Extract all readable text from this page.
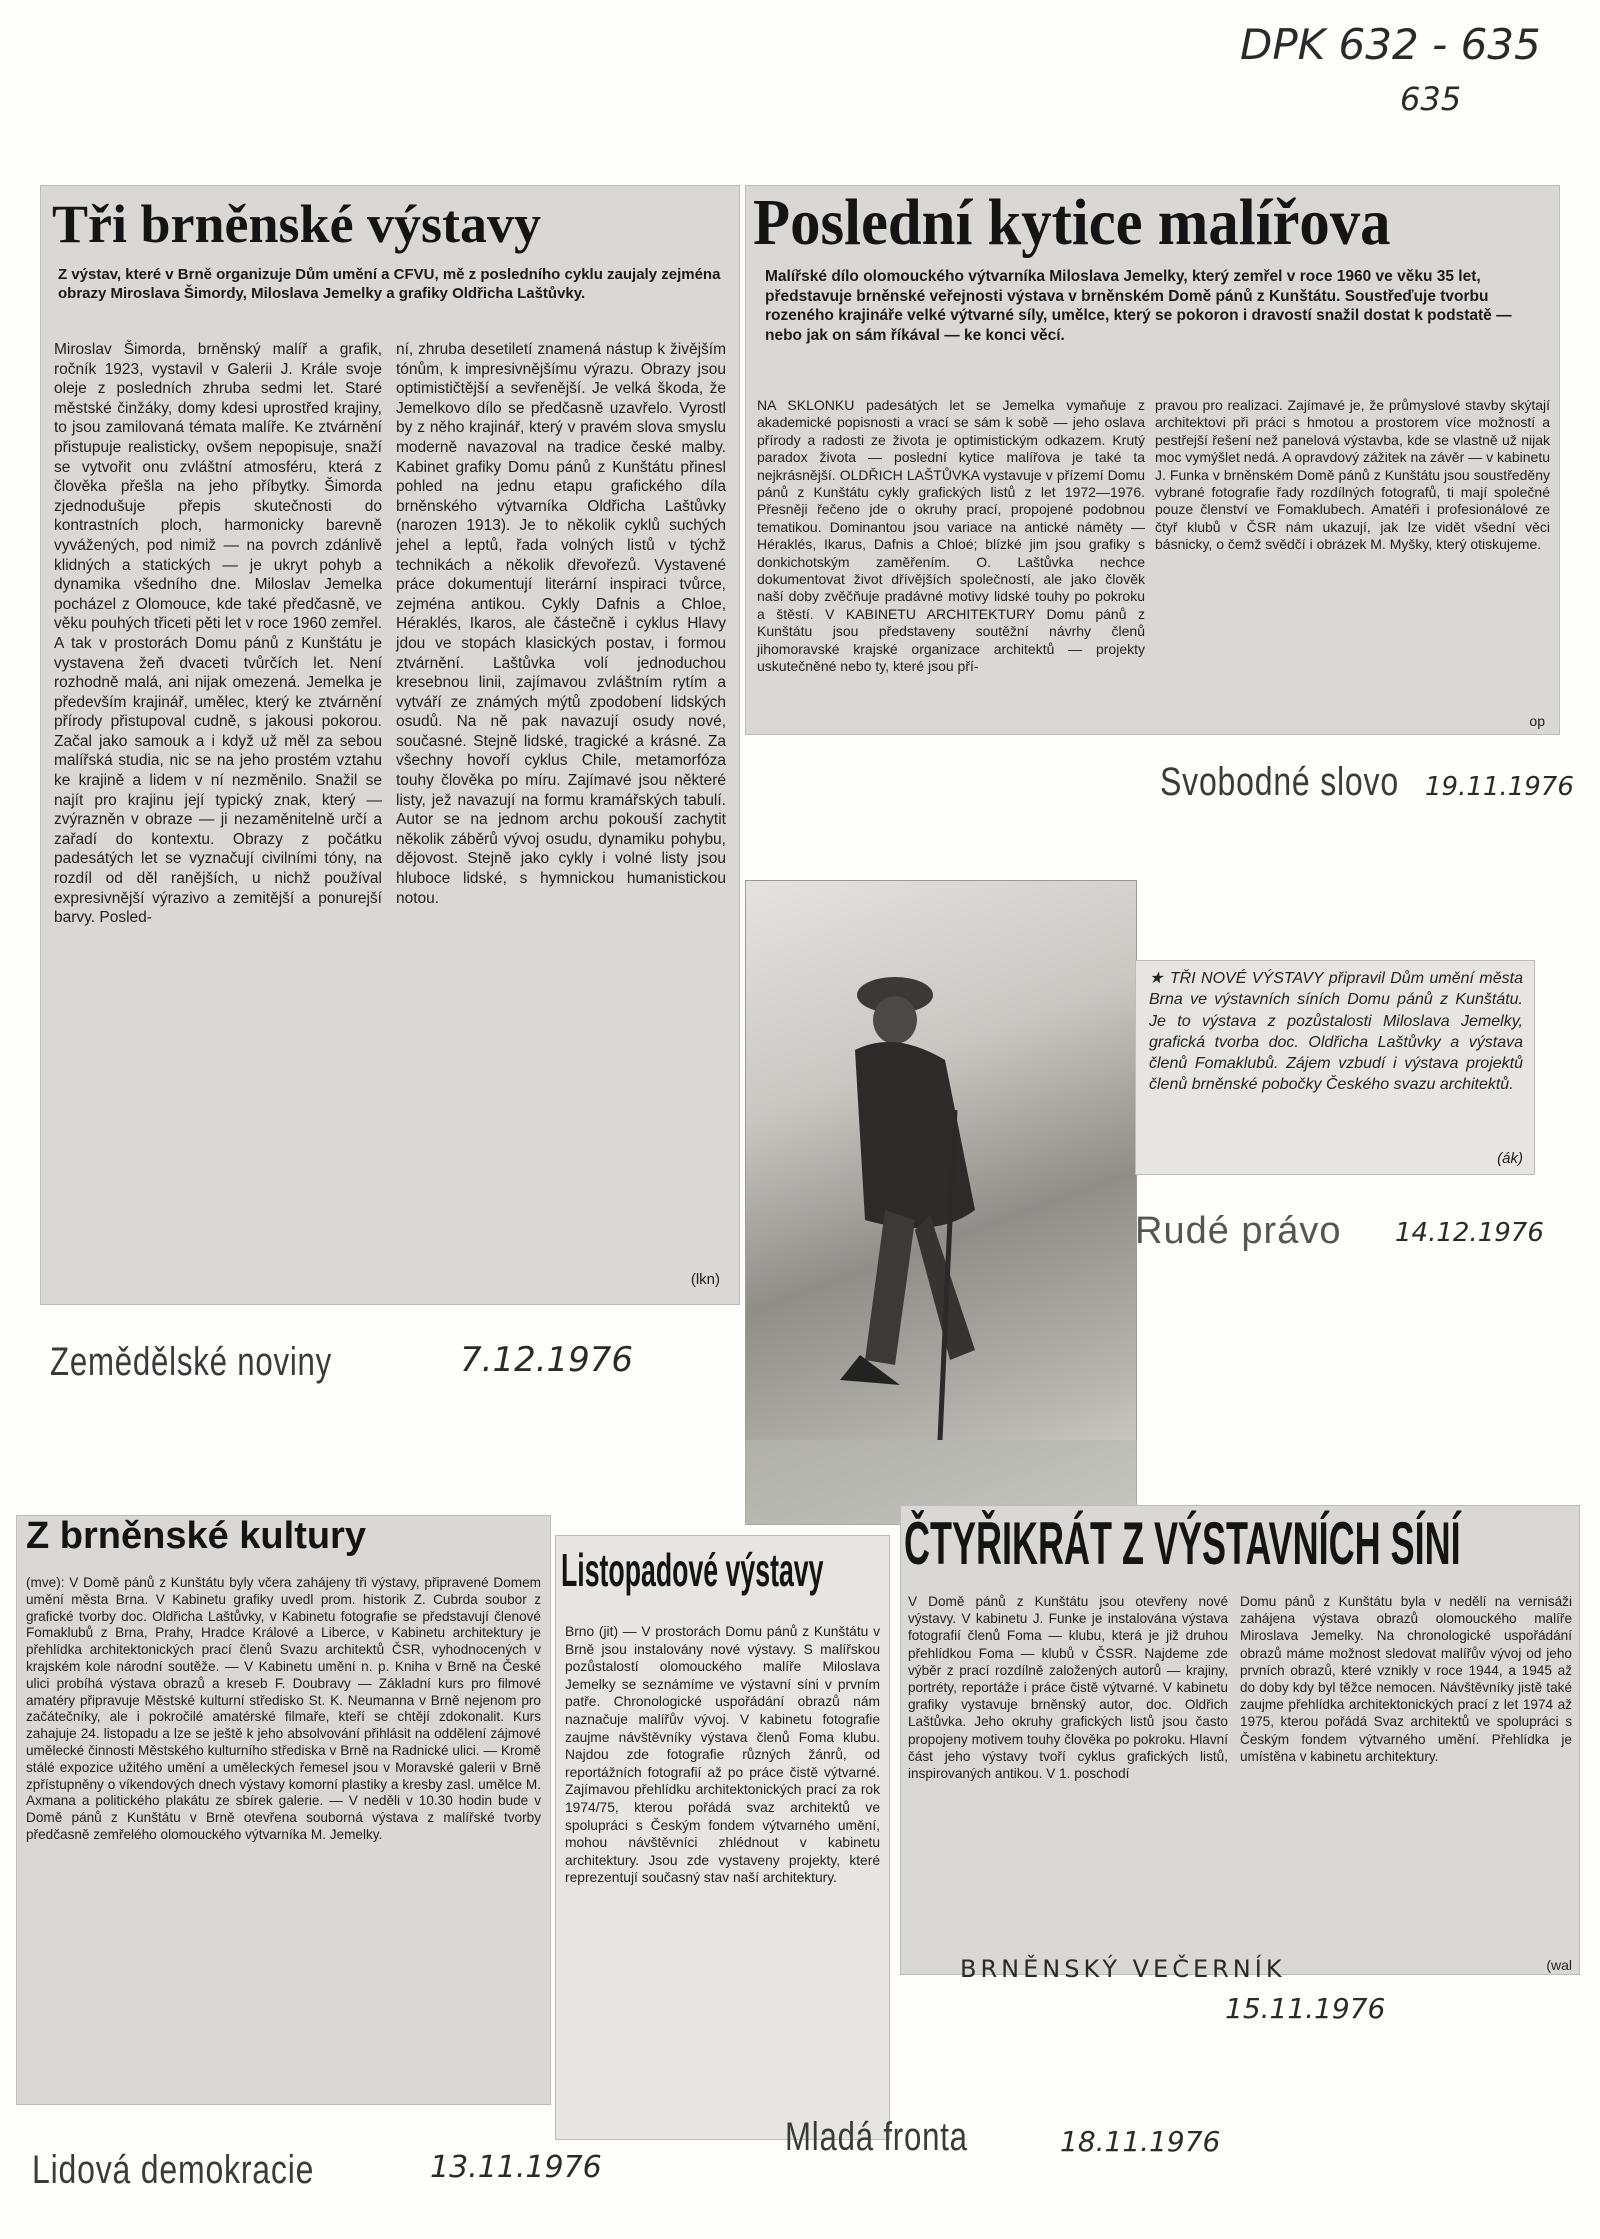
DPK 632 - 635
635
Tři brněnské výstavy
Z výstav, které v Brně organizuje Dům umění a CFVU, mě z posledního cyklu zaujaly zejména obrazy Miroslava Šimordy, Miloslava Jemelky a grafiky Oldřicha Laštůvky.
Miroslav Šimorda, brněnský malíř a grafik, ročník 1923, vystavil v Galerii J. Krále svoje oleje z posledních zhruba sedmi let. Staré městské činžáky, domy kdesi uprostřed krajiny, to jsou zamilovaná témata malíře. Ke ztvárnění přistupuje realisticky, ovšem nepopisuje, snaží se vytvořit onu zvláštní atmosféru, která z člověka přešla na jeho příbytky. Šimorda zjednodušuje přepis skutečnosti do kontrastních ploch, harmonicky barevně vyvážených, pod nimiž — na povrch zdánlivě klidných a statických — je ukryt pohyb a dynamika všedního dne. Miloslav Jemelka pocházel z Olomouce, kde také předčasně, ve věku pouhých třiceti pěti let v roce 1960 zemřel. A tak v prostorách Domu pánů z Kunštátu je vystavena žeň dvaceti tvůrčích let. Není rozhodně malá, ani nijak omezená. Jemelka je především krajinář, umělec, který ke ztvárnění přírody přistupoval cudně, s jakousi pokorou. Začal jako samouk a i když už měl za sebou malířská studia, nic se na jeho prostém vztahu ke krajině a lidem v ní nezměnilo. Snažil se najít pro krajinu její typický znak, který — zvýrazněn v obraze — ji nezaměnitelně určí a zařadí do kontextu. Obrazy z počátku padesátých let se vyznačují civilními tóny, na rozdíl od děl ranějších, u nichž používal expresivnější výrazivo a zemitější a ponurejší barvy. Posled-
ní, zhruba desetiletí znamená nástup k živějším tónům, k impresivnějšímu výrazu. Obrazy jsou optimističtější a sevřenější. Je velká škoda, že Jemelkovo dílo se předčasně uzavřelo. Vyrostl by z něho krajinář, který v pravém slova smyslu moderně navazoval na tradice české malby. Kabinet grafiky Domu pánů z Kunštátu přinesl pohled na jednu etapu grafického díla brněnského výtvarníka Oldřicha Laštůvky (narozen 1913). Je to několik cyklů suchých jehel a leptů, řada volných listů v týchž technikách a několik dřevořezů. Vystavené práce dokumentují literární inspiraci tvůrce, zejména antikou. Cykly Dafnis a Chloe, Héraklés, Ikaros, ale částečně i cyklus Hlavy jdou ve stopách klasických postav, i formou ztvárnění. Laštůvka volí jednoduchou kresebnou linii, zajímavou zvláštním rytím a vytváří ze známých mýtů zpodobení lidských osudů. Na ně pak navazují osudy nové, současné. Stejně lidské, tragické a krásné. Za všechny hovoří cyklus Chile, metamorfóza touhy člověka po míru. Zajímavé jsou některé listy, jež navazují na formu kramářských tabulí. Autor se na jednom archu pokouší zachytit několik záběrů vývoj osudu, dynamiku pohybu, dějovost. Stejně jako cykly i volné listy jsou hluboce lidské, s hymnickou humanistickou notou.
(lkn)
Zemědělské noviny	7.12.1976
Poslední kytice malířova
Malířské dílo olomouckého výtvarníka Miloslava Jemelky, který zemřel v roce 1960 ve věku 35 let, představuje brněnské veřejnosti výstava v brněnském Domě pánů z Kunštátu. Soustřeďuje tvorbu rozeného krajináře velké výtvarné síly, umělce, který se pokoron i dravostí snažil dostat k podstatě — nebo jak on sám říkával — ke konci věcí.
NA SKLONKU padesátých let se Jemelka vymaňuje z akademické popisnosti a vrací se sám k sobě — jeho oslava přírody a radosti ze života je optimistickým odkazem. Krutý paradox života — poslední kytice malířova je také ta nejkrásnější. OLDŘICH LAŠTŮVKA vystavuje v přízemí Domu pánů z Kunštátu cykly grafických listů z let 1972—1976. Přesněji řečeno jde o okruhy prací, propojené podobnou tematikou. Dominantou jsou variace na antické náměty — Héraklés, Ikarus, Dafnis a Chloé; blízké jim jsou grafiky s donkichotským zaměřením. O. Laštůvka nechce dokumentovat život dřívějších společností, ale jako člověk naší doby zvěčňuje pradávné motivy lidské touhy po pokroku a štěstí. V KABINETU ARCHITEKTURY Domu pánů z Kunštátu jsou představeny soutěžní návrhy členů jihomoravské krajské organizace architektů — projekty uskutečněné nebo ty, které jsou pří-
pravou pro realizaci. Zajímavé je, že průmyslové stavby skýtají architektovi při práci s hmotou a prostorem více možností a pestřejší řešení než panelová výstavba, kde se vlastně už nijak moc vymýšlet nedá. A opravdový zážitek na závěr — v kabinetu J. Funka v brněnském Domě pánů z Kunštátu jsou soustředěny vybrané fotografie řady rozdílných fotografů, ti mají společné pouze členství ve Fomaklubech. Amatéři i profesionálové ze čtyř klubů v ČSR nám ukazují, jak lze vidět všední věci básnicky, o čemž svědčí i obrázek M. Myšky, který otiskujeme.
op
Svobodné slovo 19.11.1976
★ TŘI NOVÉ VÝSTAVY připravil Dům umění města Brna ve výstavních síních Domu pánů z Kunštátu. Je to výstava z pozůstalosti Miloslava Jemelky, grafická tvorba doc. Oldřicha Laštůvky a výstava členů Fomaklubů. Zájem vzbudí i výstava projektů členů brněnské pobočky Českého svazu architektů.
(ák)
Rudé právo 14.12.1976
Z brněnské kultury
(mve): V Domě pánů z Kunštátu byly včera zahájeny tři výstavy, připravené Domem umění města Brna. V Kabinetu grafiky uvedl prom. historik Z. Cubrda soubor z grafické tvorby doc. Oldřicha Laštůvky, v Kabinetu fotografie se představují členové Fomaklubů z Brna, Prahy, Hradce Králové a Liberce, v Kabinetu architektury je přehlídka architektonických prací členů Svazu architektů ČSR, vyhodnocených v krajském kole národní soutěže. — V Kabinetu umění n. p. Kniha v Brně na České ulici probíhá výstava obrazů a kreseb F. Doubravy — Základní kurs pro filmové amatéry připravuje Městské kulturní středisko St. K. Neumanna v Brně nejenom pro začátečníky, ale i pokročilé amatérské filmaře, kteří se chtějí zdokonalit. Kurs zahajuje 24. listopadu a lze se ještě k jeho absolvování přihlásit na oddělení zájmové umělecké činnosti Městského kulturního střediska v Brně na Radnické ulici. — Kromě stálé expozice užitého umění a uměleckých řemesel jsou v Moravské galerii v Brně zpřístupněny o víkendových dnech výstavy komorní plastiky a kresby zasl. umělce M. Axmana a politického plakátu ze sbírek galerie. — V neděli v 10.30 hodin bude v Domě pánů z Kunštátu v Brně otevřena souborná výstava z malířské tvorby předčasně zemřelého olomouckého výtvarníka M. Jemelky.
Lidová demokracie	13.11.1976
Listopadové výstavy
Brno (jit) — V prostorách Domu pánů z Kunštátu v Brně jsou instalovány nové výstavy. S malířskou pozůstalostí olomouckého malíře Miloslava Jemelky se seznámíme ve výstavní síni v prvním patře. Chronologické uspořádání obrazů nám naznačuje malířův vývoj. V kabinetu fotografie zaujme návštěvníky výstava členů Foma klubu. Najdou zde fotografie různých žánrů, od reportážních fotografií až po práce čistě výtvarné. Zajímavou přehlídku architektonických prací za rok 1974/75, kterou pořádá svaz architektů ve spolupráci s Českým fondem výtvarného umění, mohou návštěvníci zhlédnout v kabinetu architektury. Jsou zde vystaveny projekty, které reprezentují současný stav naší architektury.
Mladá fronta	18.11.1976
ČTYŘIKRÁT Z VÝSTAVNÍCH SÍNÍ
V Domě pánů z Kunštátu jsou otevřeny nové výstavy. V kabinetu J. Funke je instalována výstava fotografií členů Foma — klubu, která je již druhou přehlídkou Foma — klubů v ČSSR. Najdeme zde výběr z prací rozdílně založených autorů — krajiny, portréty, reportáže i práce čistě výtvarné. V kabinetu grafiky vystavuje brněnský autor, doc. Oldřich Laštůvka. Jeho okruhy grafických listů jsou často propojeny motivem touhy člověka po pokroku. Hlavní část jeho výstavy tvoří cyklus grafických listů, inspirovaných antikou. V 1. poschodí
Domu pánů z Kunštátu byla v nedělí na vernisáži zahájena výstava obrazů olomouckého malíře Miroslava Jemelky. Na chronologické uspořádání obrazů máme možnost sledovat malířův vývoj od jeho prvních obrazů, které vznikly v roce 1944, a 1945 až do doby kdy byl těžce nemocen. Návštěvníky jistě také zaujme přehlídka architektonických prací z let 1974 až 1975, kterou pořádá Svaz architektů ve spolupráci s Českým fondem výtvarného umění. Přehlídka je umístěna v kabinetu architektury.
(wal
BRNĚNSKÝ VEČERNÍK
15.11.1976
